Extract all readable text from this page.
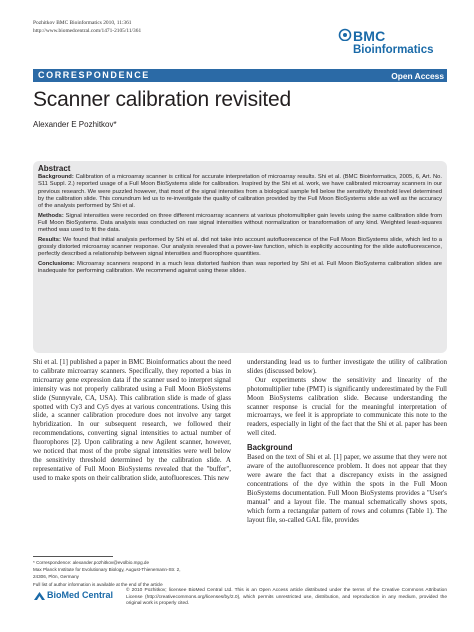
Pozhitkov BMC Bioinformatics 2010, 11:361
http://www.biomedcentral.com/1471-2105/11/361	BMC
Bioinformatics
CORRESPONDENCE	Open Access
Scanner calibration revisited
Alexander E Pozhitkov*
Abstract

Background: Calibration of a microarray scanner is critical for accurate interpretation of microarray results. Shi et al. (BMC Bioinformatics, 2005, 6, Art. No. S11 Suppl. 2.) reported usage of a Full Moon BioSystems slide for calibration. Inspired by the Shi et al. work, we have calibrated microarray scanners in our previous research. We were puzzled however, that most of the signal intensities from a biological sample fell below the sensitivity threshold level determined by the calibration slide. This conundrum led us to re-investigate the quality of calibration provided by the Full Moon BioSystems slide as well as the accuracy of the analysis performed by Shi et al.

Methods: Signal intensities were recorded on three different microarray scanners at various photomultiplier gain levels using the same calibration slide from Full Moon BioSystems. Data analysis was conducted on raw signal intensities without normalization or transformation of any kind. Weighted least-squares method was used to fit the data.

Results: We found that initial analysis performed by Shi et al. did not take into account autofluorescence of the Full Moon BioSystems slide, which led to a grossly distorted microarray scanner response. Our analysis revealed that a power-law function, which is explicitly accounting for the slide autofluorescence, perfectly described a relationship between signal intensities and fluorophore quantities.

Conclusions: Microarray scanners respond in a much less distorted fashion than was reported by Shi et al. Full Moon BioSystems calibration slides are inadequate for performing calibration. We recommend against using these slides.

Shi et al. [1] published a paper in BMC Bioinformatics about the need to calibrate microarray scanners. Specifically, they reported a bias in microarray gene expression data if the scanner used to interpret signal intensity was not properly calibrated using a Full Moon BioSystems slide (Sunnyvale, CA, USA). This calibration slide is made of glass spotted with Cy3 and Cy5 dyes at various concentrations. Using this slide, a scanner calibration procedure does not involve any target hybridization. In our subsequent research, we followed their recommendations, converting signal intensities to actual number of fluorophores [2]. Upon calibrating a new Agilent scanner, however, we noticed that most of the probe signal intensities were well below the sensitivity threshold determined by the calibration slide. A representative of Full Moon BioSystems revealed that the "buffer", used to make spots on their calibration slide, autofluoresces. This new

understanding lead us to further investigate the utility of calibration slides (discussed below).

Our experiments show the sensitivity and linearity of the photomultiplier tube (PMT) is significantly underestimated by the Full Moon BioSystems calibration slide. Because understanding the scanner response is crucial for the meaningful interpretation of microarrays, we feel it is appropriate to communicate this note to the readers, especially in light of the fact that the Shi et al. paper has been well cited.

Background

Based on the text of Shi et al. [1] paper, we assume that they were not aware of the autofluorescence problem. It does not appear that they were aware the fact that a discrepancy exists in the assigned concentrations of the dye within the spots in the Full Moon BioSystems documentation. Full Moon BioSystems provides a "User's manual" and a layout file. The manual schematically shows spots, which form a rectangular pattern of rows and columns (Table 1). The layout file, so-called GAL file, provides

* Correspondence: alexander.pozhitkov@evolbio.mpg.de
Max Planck Institute for Evolutionary Biology, August-Thienemann-Str. 2,
24306, Plön, Germany
Full list of author information is available at the end of the article
BioMed Central	© 2010 Pozhitkov; licensee BioMed Central Ltd. This is an Open Access article distributed under the terms of the Creative Commons Attribution License (http://creativecommons.org/licenses/by/2.0), which permits unrestricted use, distribution, and reproduction in any medium, provided the original work is properly cited.
